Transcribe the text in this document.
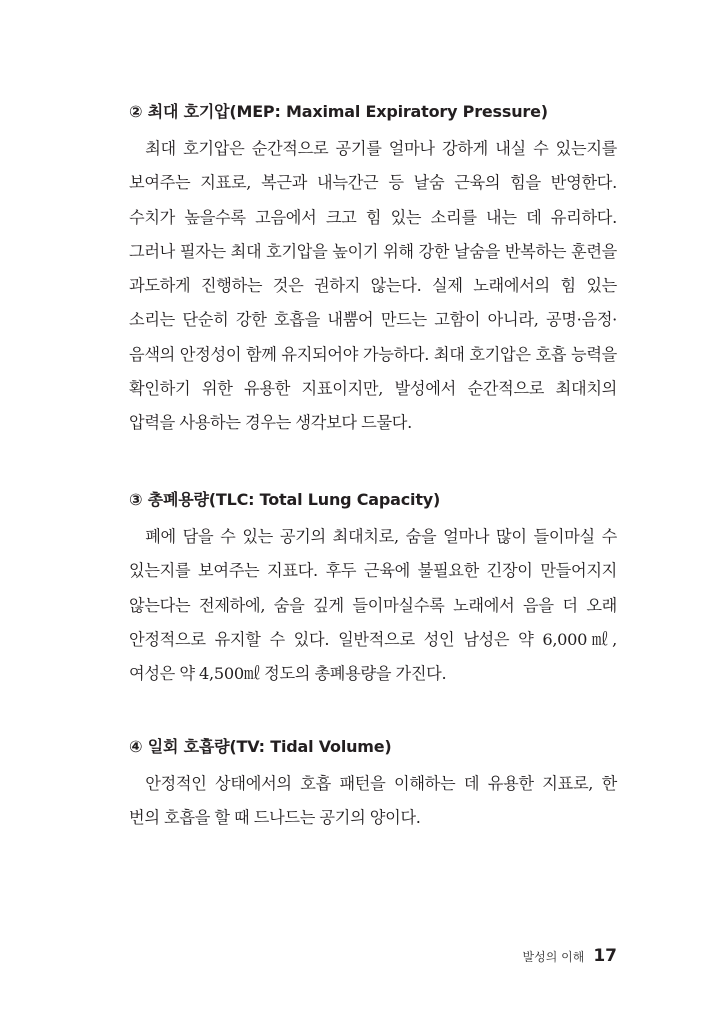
② 최대 호기압(MEP: Maximal Expiratory Pressure)

최대 호기압은 순간적으로 공기를 얼마나 강하게 내실 수 있는지를 보여주는 지표로, 복근과 내늑간근 등 날숨 근육의 힘을 반영한다. 수치가 높을수록 고음에서 크고 힘 있는 소리를 내는 데 유리하다. 그러나 필자는 최대 호기압을 높이기 위해 강한 날숨을 반복하는 훈련을 과도하게 진행하는 것은 권하지 않는다. 실제 노래에서의 힘 있는 소리는 단순히 강한 호흡을 내뿜어 만드는 고함이 아니라, 공명·음정·음색의 안정성이 함께 유지되어야 가능하다. 최대 호기압은 호흡 능력을 확인하기 위한 유용한 지표이지만, 발성에서 순간적으로 최대치의 압력을 사용하는 경우는 생각보다 드물다.

③ 총폐용량(TLC: Total Lung Capacity)

폐에 담을 수 있는 공기의 최대치로, 숨을 얼마나 많이 들이마실 수 있는지를 보여주는 지표다. 후두 근육에 불필요한 긴장이 만들어지지 않는다는 전제하에, 숨을 깊게 들이마실수록 노래에서 음을 더 오래 안정적으로 유지할 수 있다. 일반적으로 성인 남성은 약 6,000㎖, 여성은 약 4,500㎖ 정도의 총폐용량을 가진다.

④ 일회 호흡량(TV: Tidal Volume)

안정적인 상태에서의 호흡 패턴을 이해하는 데 유용한 지표로, 한 번의 호흡을 할 때 드나드는 공기의 양이다.

발성의 이해 17
